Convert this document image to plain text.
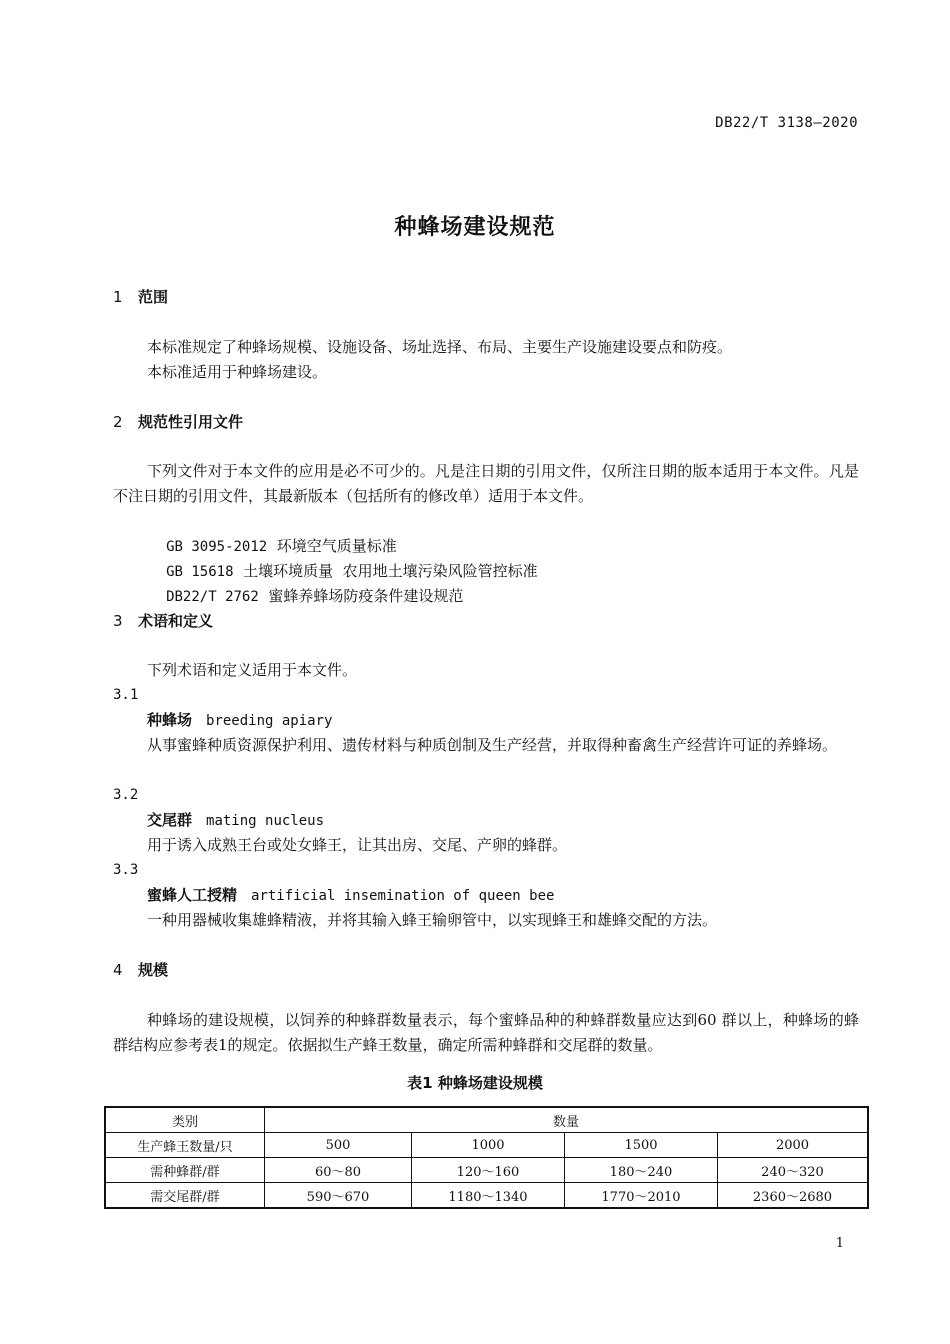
DB22/T 3138—2020
种蜂场建设规范
1 范围
本标准规定了种蜂场规模、设施设备、场址选择、布局、主要生产设施建设要点和防疫。
本标准适用于种蜂场建设。
2 规范性引用文件
下列文件对于本文件的应用是必不可少的。凡是注日期的引用文件，仅所注日期的版本适用于本文件。凡是不注日期的引用文件，其最新版本（包括所有的修改单）适用于本文件。

GB 3095-2012 环境空气质量标准

GB 15618 土壤环境质量  农用地土壤污染风险管控标准

DB22/T 2762 蜜蜂养蜂场防疫条件建设规范

3 术语和定义
下列术语和定义适用于本文件。
3.1
种蜂场 breeding apiary
从事蜜蜂种质资源保护利用、遗传材料与种质创制及生产经营，并取得种畜禽生产经营许可证的养蜂场。
3.2
交尾群 mating nucleus
用于诱入成熟王台或处女蜂王，让其出房、交尾、产卵的蜂群。
3.3
蜜蜂人工授精 artificial insemination of queen bee
一种用器械收集雄蜂精液，并将其输入蜂王输卵管中，以实现蜂王和雄蜂交配的方法。
4 规模
种蜂场的建设规模，以饲养的种蜂群数量表示，每个蜜蜂品种的种蜂群数量应达到60 群以上，种蜂场的蜂群结构应参考表1的规定。依据拟生产蜂王数量，确定所需种蜂群和交尾群的数量。
表1 种蜂场建设规模
类别	数量			
生产蜂王数量/只	500	1000	1500	2000
需种蜂群/群	60～80	120～160	180～240	240～320
需交尾群/群	590～670	1180～1340	1770～2010	2360～2680
1
